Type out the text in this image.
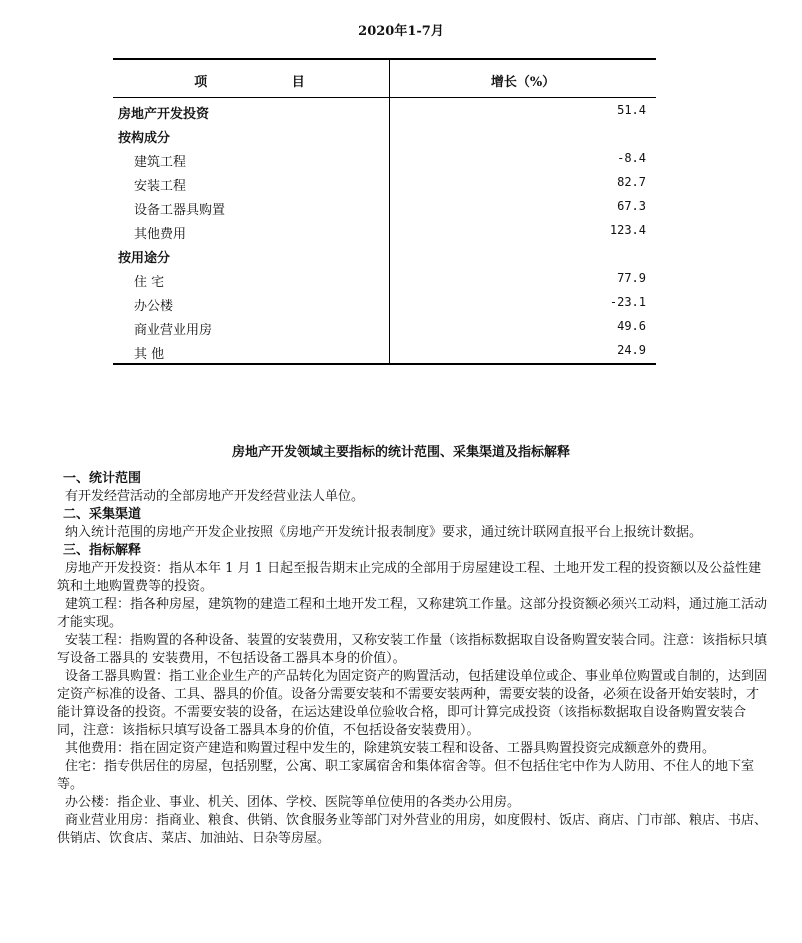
2020年1-7月
项 目	增长（%）
房地产开发投资	51.4
按构成分
建筑工程	-8.4
安装工程	82.7
设备工器具购置	67.3
其他费用	123.4
按用途分
住 宅	77.9
办公楼	-23.1
商业营业用房	49.6
其 他	24.9
房地产开发领域主要指标的统计范围、采集渠道及指标解释
一、统计范围

有开发经营活动的全部房地产开发经营业法人单位。

二、采集渠道

纳入统计范围的房地产开发企业按照《房地产开发统计报表制度》要求，通过统计联网直报平台上报统计数据。

三、指标解释

房地产开发投资：指从本年 1 月 1 日起至报告期末止完成的全部用于房屋建设工程、土地开发工程的投资额以及公益性建筑和土地购置费等的投资。

建筑工程：指各种房屋，建筑物的建造工程和土地开发工程，又称建筑工作量。这部分投资额必须兴工动料，通过施工活动才能实现。

安装工程：指购置的各种设备、装置的安装费用，又称安装工作量（该指标数据取自设备购置安装合同。注意：该指标只填写设备工器具的 安装费用，不包括设备工器具本身的价值）。

设备工器具购置：指工业企业生产的产品转化为固定资产的购置活动，包括建设单位或企、事业单位购置或自制的，达到固定资产标准的设备、工具、器具的价值。设备分需要安装和不需要安装两种，需要安装的设备，必须在设备开始安装时，才能计算设备的投资。不需要安装的设备，在运达建设单位验收合格，即可计算完成投资（该指标数据取自设备购置安装合同，注意：该指标只填写设备工器具本身的价值，不包括设备安装费用）。

其他费用：指在固定资产建造和购置过程中发生的，除建筑安装工程和设备、工器具购置投资完成额意外的费用。

住宅：指专供居住的房屋，包括别墅，公寓、职工家属宿舍和集体宿舍等。但不包括住宅中作为人防用、不住人的地下室等。

办公楼：指企业、事业、机关、团体、学校、医院等单位使用的各类办公用房。

商业营业用房：指商业、粮食、供销、饮食服务业等部门对外营业的用房，如度假村、饭店、商店、门市部、粮店、书店、供销店、饮食店、菜店、加油站、日杂等房屋。
